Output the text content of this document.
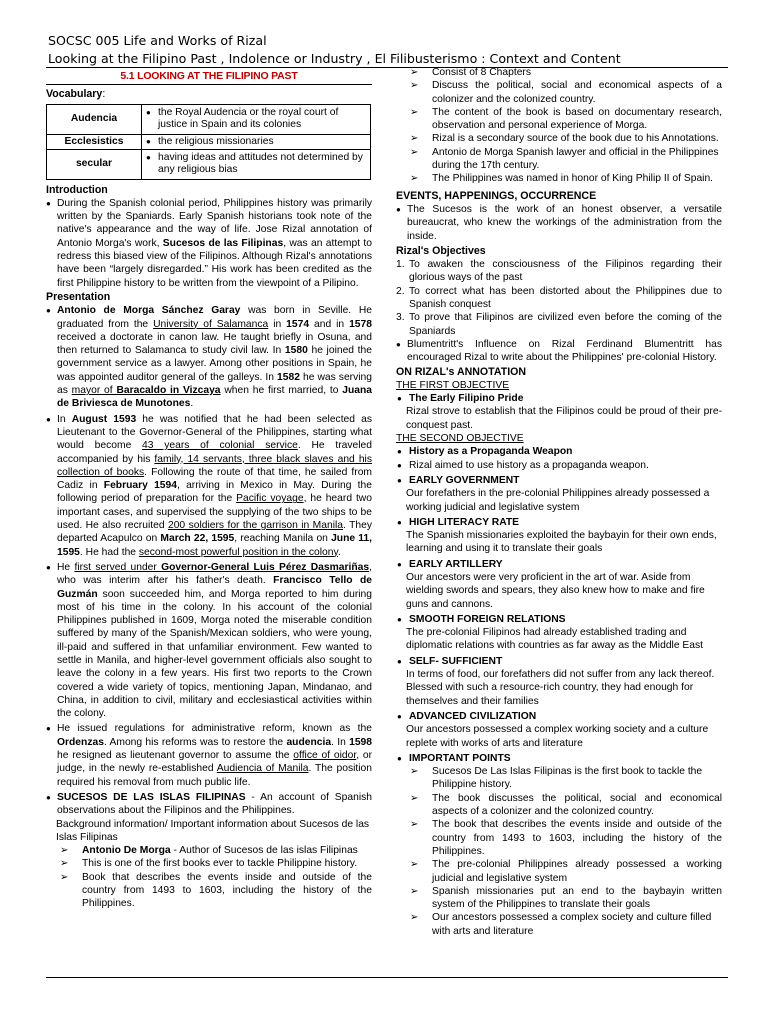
SOCSC 005 Life and Works of Rizal
Looking at the Filipino Past , Indolence or Industry , El Filibusterismo : Context and Content
5.1 LOOKING AT THE FILIPINO PAST
Vocabulary:
Audencia	● the Royal Audencia or the royal court of justice in Spain and its colonies

Ecclesistics	● the religious missionaries

secular	● having ideas and attitudes not determined by any religious bias
Introduction
● During the Spanish colonial period, Philippines history was primarily written by the Spaniards. Early Spanish historians took note of the native's appearance and the way of life. Jose Rizal annotation of Antonio Morga's work, Sucesos de las Filipinas, was an attempt to redress this biased view of the Filipinos. Although Rizal's annotations have been “largely disregarded.” His work has been credited as the first Philippine history to be written from the viewpoint of a Pilipino.
Presentation
● Antonio de Morga Sánchez Garay was born in Seville. He graduated from the University of Salamanca in 1574 and in 1578 received a doctorate in canon law. He taught briefly in Osuna, and then returned to Salamanca to study civil law. In 1580 he joined the government service as a lawyer. Among other positions in Spain, he was appointed auditor general of the galleys. In 1582 he was serving as mayor of Baracaldo in Vizcaya when he first married, to Juana de Briviesca de Munotones.
● In August 1593 he was notified that he had been selected as Lieutenant to the Governor-General of the Philippines, starting what would become 43 years of colonial service. He traveled accompanied by his family, 14 servants, three black slaves and his collection of books. Following the route of that time, he sailed from Cadiz in February 1594, arriving in Mexico in May. During the following period of preparation for the Pacific voyage, he heard two important cases, and supervised the supplying of the two ships to be used. He also recruited 200 soldiers for the garrison in Manila. They departed Acapulco on March 22, 1595, reaching Manila on June 11, 1595. He had the second-most powerful position in the colony.
● He first served under Governor-General Luis Pérez Dasmariñas, who was interim after his father's death. Francisco Tello de Guzmán soon succeeded him, and Morga reported to him during most of his time in the colony. In his account of the colonial Philippines published in 1609, Morga noted the miserable condition suffered by many of the Spanish/Mexican soldiers, who were young, ill-paid and suffered in that unfamiliar environment. Few wanted to settle in Manila, and higher-level government officials also sought to leave the colony in a few years. His first two reports to the Crown covered a wide variety of topics, mentioning Japan, Mindanao, and China, in addition to civil, military and ecclesiastical activities within the colony.
● He issued regulations for administrative reform, known as the Ordenzas. Among his reforms was to restore the audencia. In 1598 he resigned as lieutenant governor to assume the office of oidor, or judge, in the newly re-established Audiencia of Manila. The position required his removal from much public life.
● SUCESOS DE LAS ISLAS FILIPINAS - An account of Spanish observations about the Filipinos and the Philippines.
Background information/ Important information about Sucesos de las Islas Filipinas
➢ Antonio De Morga - Author of Sucesos de las islas Filipinas
➢ This is one of the first books ever to tackle Philippine history.
➢ Book that describes the events inside and outside of the country from 1493 to 1603, including the history of the Philippines.
➢ Consist of 8 Chapters
➢ Discuss the political, social and economical aspects of a colonizer and the colonized country.
➢ The content of the book is based on documentary research, observation and personal experience of Morga.
➢ Rizal is a secondary source of the book due to his Annotations.
➢ Antonio de Morga Spanish lawyer and official in the Philippines during the 17th century.
➢ The Philippines was named in honor of King Philip II of Spain.
EVENTS, HAPPENINGS, OCCURRENCE
● The Sucesos is the work of an honest observer, a versatile bureaucrat, who knew the workings of the administration from the inside.
Rizal's Objectives
1. To awaken the consciousness of the Filipinos regarding their glorious ways of the past
2. To correct what has been distorted about the Philippines due to Spanish conquest
3. To prove that Filipinos are civilized even before the coming of the Spaniards
● Blumentritt's Influence on Rizal Ferdinand Blumentritt has encouraged Rizal to write about the Philippines' pre-colonial History.
ON RIZAL's ANNOTATION
THE FIRST OBJECTIVE
● The Early Filipino Pride
Rizal strove to establish that the Filipinos could be proud of their pre-conquest past.
THE SECOND OBJECTIVE
● History as a Propaganda Weapon
● Rizal aimed to use history as a propaganda weapon.
● EARLY GOVERNMENT
Our forefathers in the pre-colonial Philippines already possessed a working judicial and legislative system
● HIGH LITERACY RATE
The Spanish missionaries exploited the baybayin for their own ends, learning and using it to translate their goals
● EARLY ARTILLERY
Our ancestors were very proficient in the art of war. Aside from wielding swords and spears, they also knew how to make and fire guns and cannons.
● SMOOTH FOREIGN RELATIONS
The pre-colonial Filipinos had already established trading and diplomatic relations with countries as far away as the Middle East
● SELF- SUFFICIENT
In terms of food, our forefathers did not suffer from any lack thereof. Blessed with such a resource-rich country, they had enough for themselves and their families
● ADVANCED CIVILIZATION
Our ancestors possessed a complex working society and a culture replete with works of arts and literature
● IMPORTANT POINTS
➢ Sucesos De Las Islas Filipinas is the first book to tackle the Philippine history.
➢ The book discusses the political, social and economical aspects of a colonizer and the colonized country.
➢ The book that describes the events inside and outside of the country from 1493 to 1603, including the history of the Philippines.
➢ The pre-colonial Philippines already possessed a working judicial and legislative system
➢ Spanish missionaries put an end to the baybayin written system of the Philippines to translate their goals
➢ Our ancestors possessed a complex society and culture filled with arts and literature
